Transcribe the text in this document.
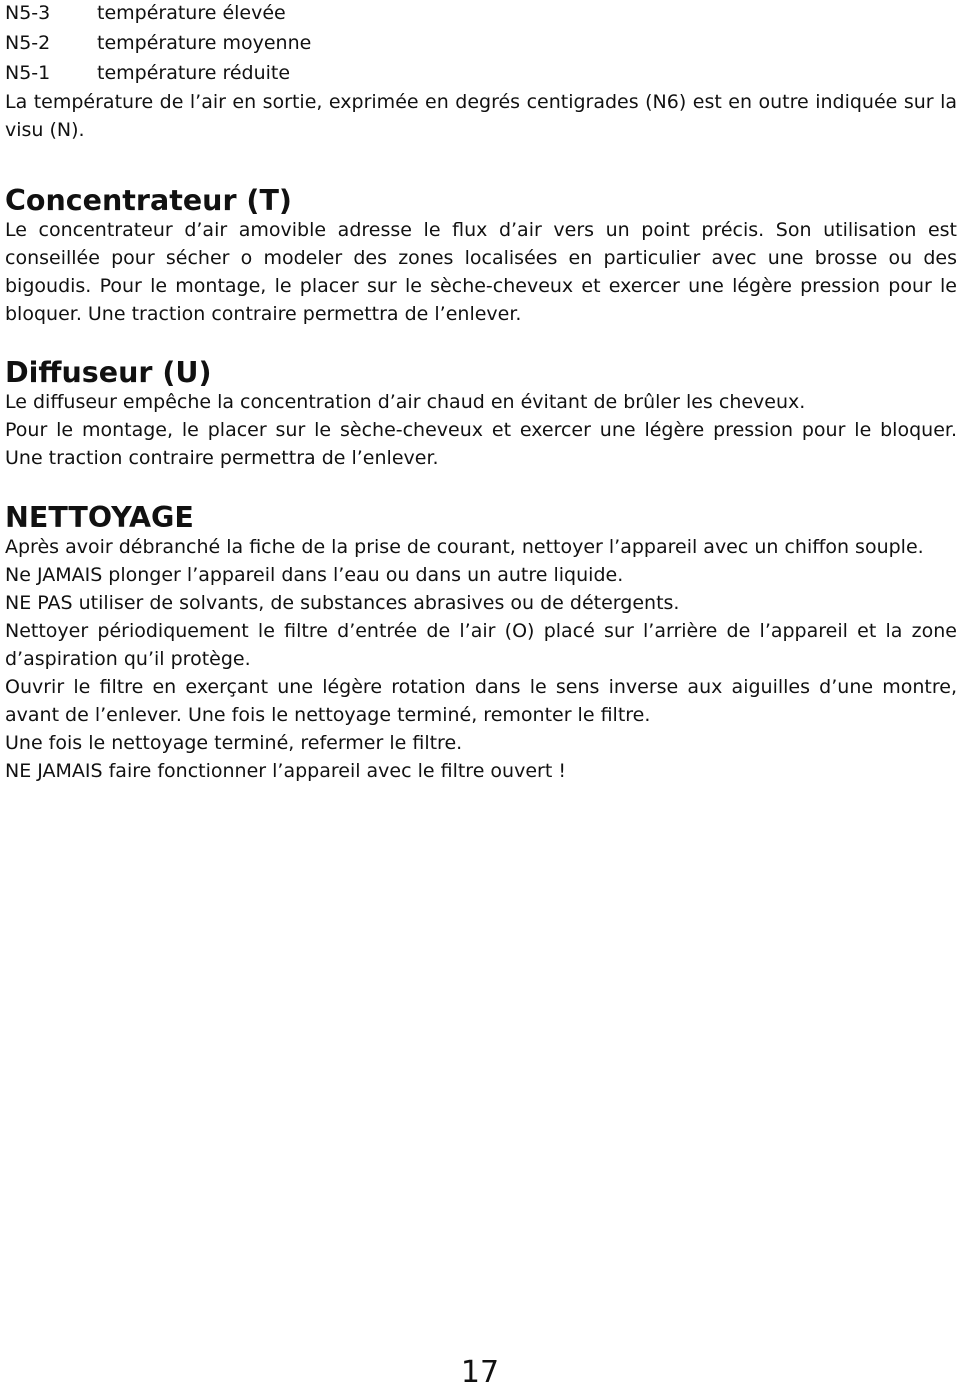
N5-3	température élevée
N5-2	température moyenne
N5-1	température réduite

La température de l’air en sortie, exprimée en degrés centigrades (N6) est en outre indiquée sur la visu (N).

Concentrateur (T)

Le concentrateur d’air amovible adresse le flux d’air vers un point précis. Son utilisation est conseillée pour sécher o modeler des zones localisées en particulier avec une brosse ou des bigoudis. Pour le montage, le placer sur le sèche-cheveux et exercer une légère pression pour le bloquer. Une traction contraire permettra de l’enlever.

Diffuseur (U)

Le diffuseur empêche la concentration d’air chaud en évitant de brûler les cheveux.

Pour le montage, le placer sur le sèche-cheveux et exercer une légère pression pour le bloquer. Une traction contraire permettra de l’enlever.

NETTOYAGE

Après avoir débranché la fiche de la prise de courant, nettoyer l’appareil avec un chiffon souple.

Ne JAMAIS plonger l’appareil dans l’eau ou dans un autre liquide.

NE PAS utiliser de solvants, de substances abrasives ou de détergents.

Nettoyer périodiquement le filtre d’entrée de l’air (O) placé sur l’arrière de l’appareil et la zone d’aspiration qu’il protège.

Ouvrir le filtre en exerçant une légère rotation dans le sens inverse aux aiguilles d’une montre, avant de l’enlever. Une fois le nettoyage terminé, remonter le filtre.

Une fois le nettoyage terminé, refermer le filtre.

NE JAMAIS faire fonctionner l’appareil avec le filtre ouvert !

17
